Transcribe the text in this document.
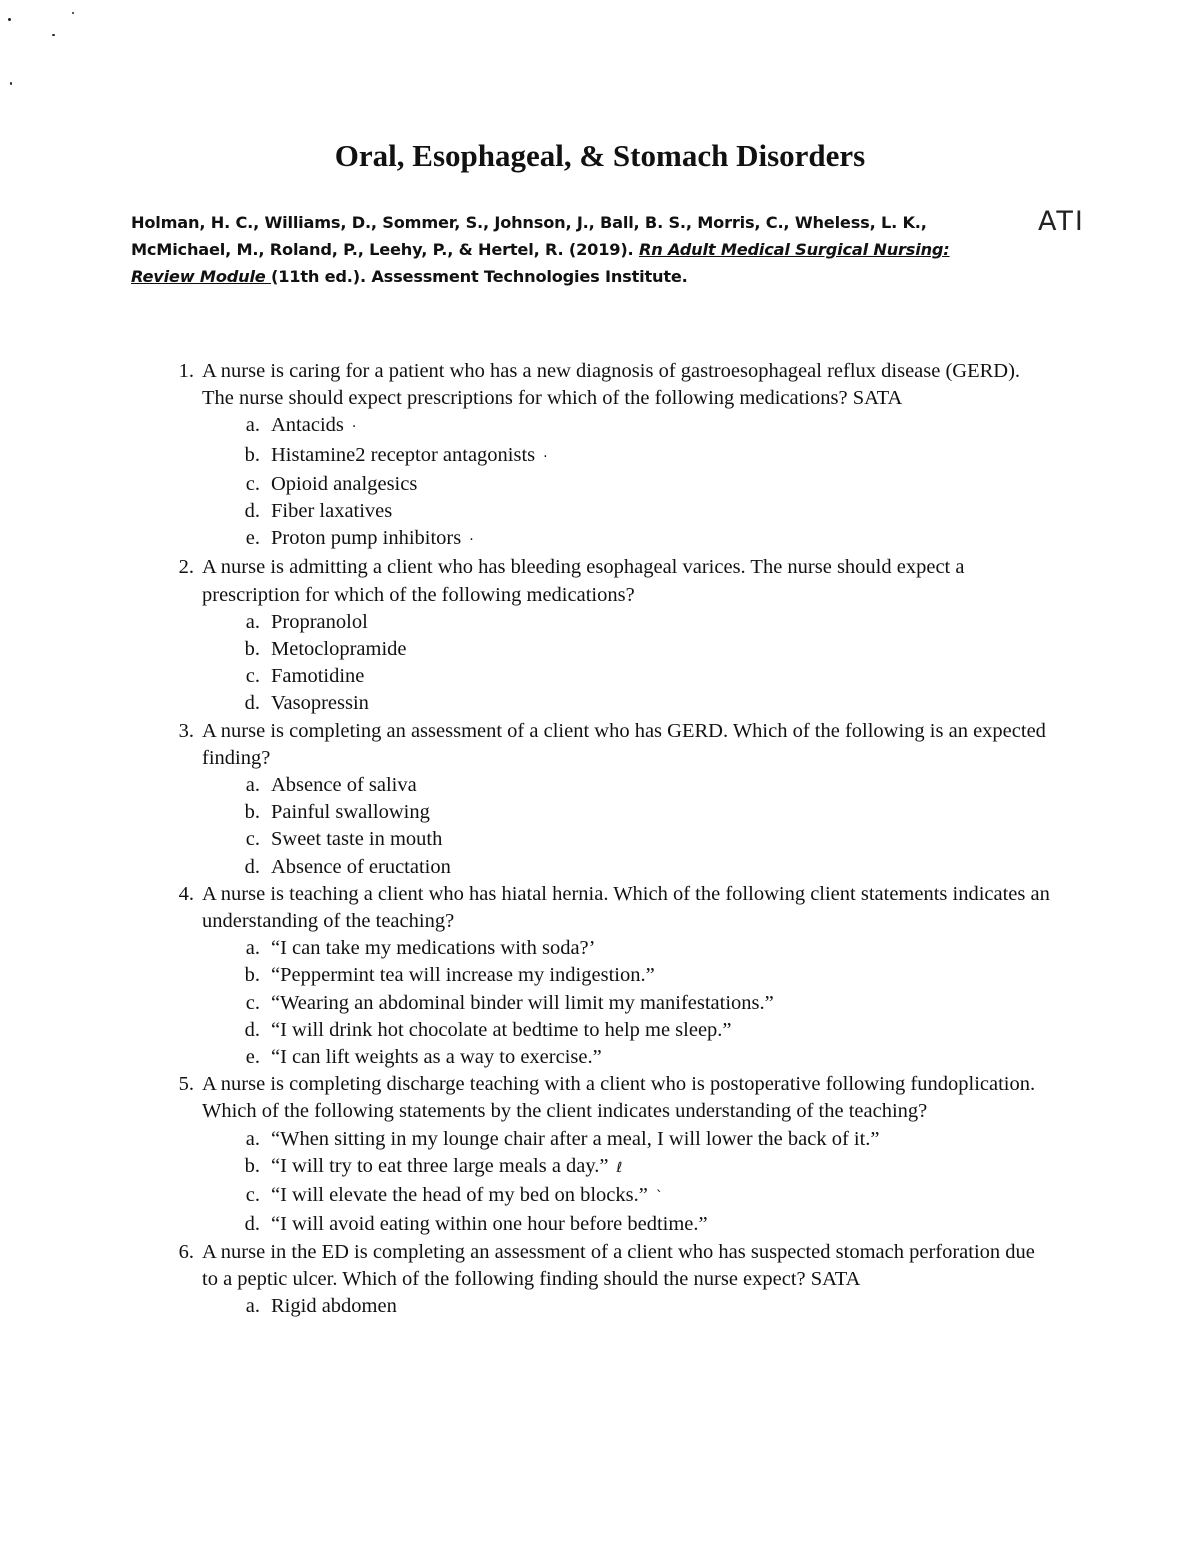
Oral, Esophageal, & Stomach Disorders
Holman, H. C., Williams, D., Sommer, S., Johnson, J., Ball, B. S., Morris, C., Wheless, L. K.,
McMichael, M., Roland, P., Leehy, P., & Hertel, R. (2019). Rn Adult Medical Surgical Nursing:
Review Module (11th ed.). Assessment Technologies Institute.
ATI
1. A nurse is caring for a patient who has a new diagnosis of gastroesophageal reflux disease (GERD). The nurse should expect prescriptions for which of the following medications? SATA
a. Antacids ·
b. Histamine2 receptor antagonists ·
c. Opioid analgesics
d. Fiber laxatives
e. Proton pump inhibitors ·
2. A nurse is admitting a client who has bleeding esophageal varices. The nurse should expect a prescription for which of the following medications?
a. Propranolol
b. Metoclopramide
c. Famotidine
d. Vasopressin
3. A nurse is completing an assessment of a client who has GERD. Which of the following is an expected finding?
a. Absence of saliva
b. Painful swallowing
c. Sweet taste in mouth
d. Absence of eructation
4. A nurse is teaching a client who has hiatal hernia. Which of the following client statements indicates an understanding of the teaching?
a. “I can take my medications with soda?’
b. “Peppermint tea will increase my indigestion.”
c. “Wearing an abdominal binder will limit my manifestations.”
d. “I will drink hot chocolate at bedtime to help me sleep.”
e. “I can lift weights as a way to exercise.”
5. A nurse is completing discharge teaching with a client who is postoperative following fundoplication. Which of the following statements by the client indicates understanding of the teaching?
a. “When sitting in my lounge chair after a meal, I will lower the back of it.”
b. “I will try to eat three large meals a day.” ℓ
c. “I will elevate the head of my bed on blocks.” `
d. “I will avoid eating within one hour before bedtime.”
6. A nurse in the ED is completing an assessment of a client who has suspected stomach perforation due to a peptic ulcer. Which of the following finding should the nurse expect? SATA
a. Rigid abdomen
